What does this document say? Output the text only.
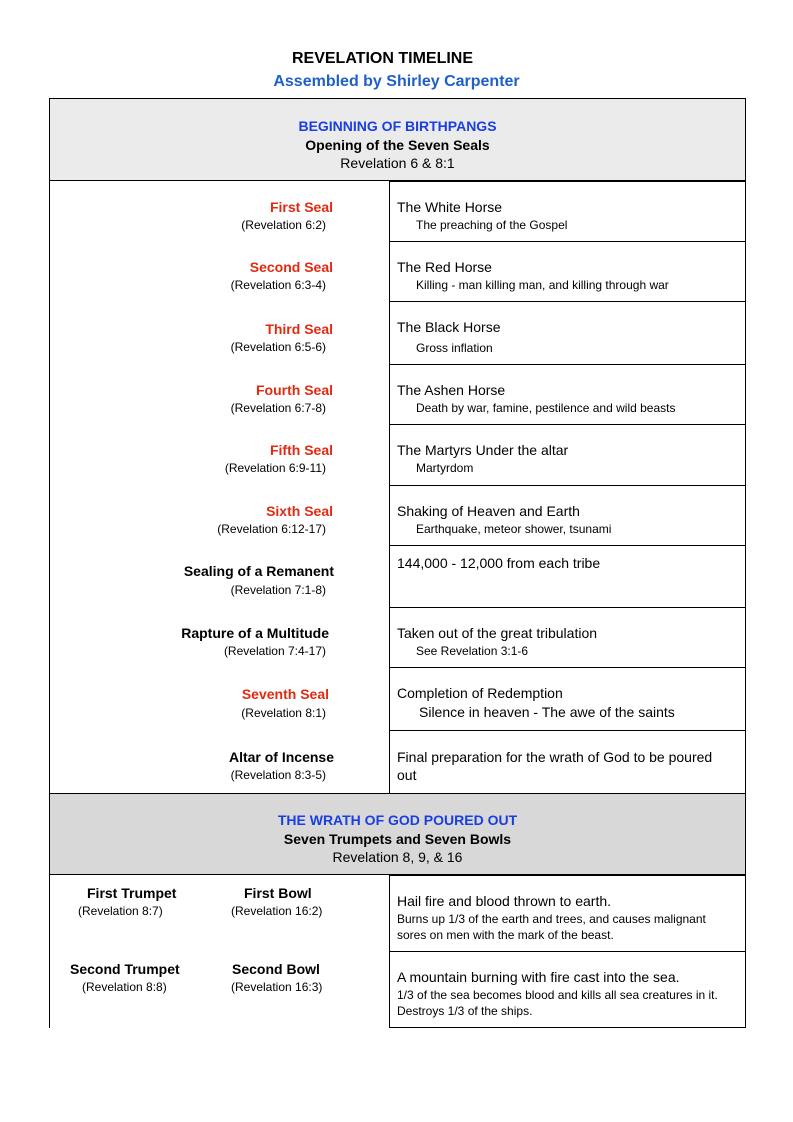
REVELATION TIMELINE
Assembled by Shirley Carpenter
BEGINNING OF BIRTHPANGS
Opening of the Seven Seals
Revelation 6 & 8:1
First Seal
(Revelation 6:2)
The White Horse
The preaching of the Gospel
Second Seal
(Revelation 6:3-4)
The Red Horse
Killing - man killing man, and killing through war
Third Seal
(Revelation 6:5-6)
The Black Horse
Gross inflation
Fourth Seal
(Revelation 6:7-8)
The Ashen Horse
Death by war, famine, pestilence and wild beasts
Fifth Seal
(Revelation 6:9-11)
The Martyrs Under the altar
Martyrdom
Sixth Seal
(Revelation 6:12-17)
Shaking of Heaven and Earth
Earthquake, meteor shower, tsunami
Sealing of a Remanent
(Revelation 7:1-8)
144,000 - 12,000 from each tribe
Rapture of a Multitude
(Revelation 7:4-17)
Taken out of the great tribulation
See Revelation 3:1-6
Seventh Seal
(Revelation 8:1)
Completion of Redemption
Silence in heaven - The awe of the saints
Altar of Incense
(Revelation 8:3-5)
Final preparation for the wrath of God to be poured out
THE WRATH OF GOD POURED OUT
Seven Trumpets and Seven Bowls
Revelation 8, 9, & 16
First Trumpet
(Revelation 8:7)
First Bowl
(Revelation 16:2)
Hail fire and blood thrown to earth.
Burns up 1/3 of the earth and trees, and causes malignant sores on men with the mark of the beast.
Second Trumpet
(Revelation 8:8)
Second Bowl
(Revelation 16:3)
A mountain burning with fire cast into the sea.
1/3 of the sea becomes blood and kills all sea creatures in it. Destroys 1/3 of the ships.
